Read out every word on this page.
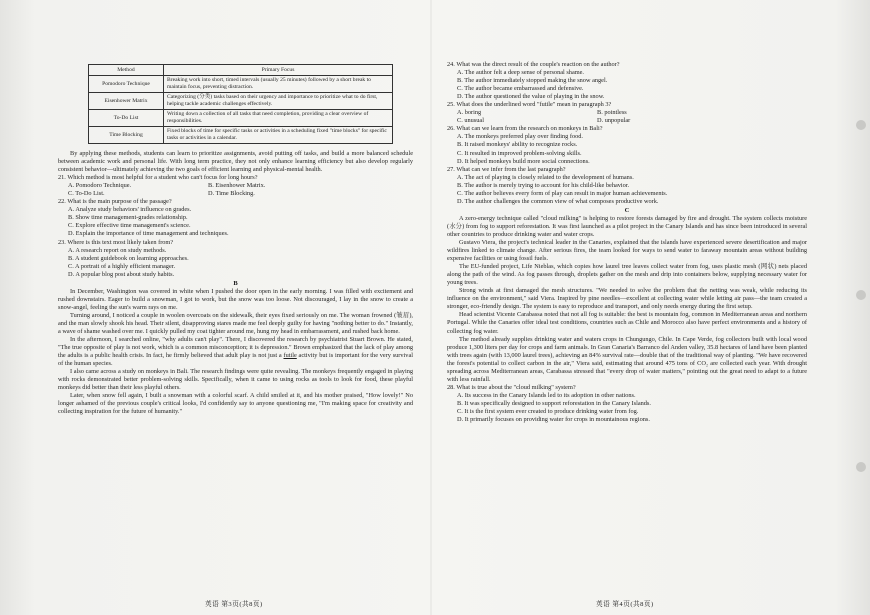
Method	Primary Focus
Pomodoro Technique	Breaking work into short, timed intervals (usually 25 minutes) followed by a short break to maintain focus, preventing distraction.
Eisenhower Matrix	Categorizing (分类) tasks based on their urgency and importance to prioritize what to do first, helping tackle academic challenges effectively.
To-Do List	Writing down a collection of all tasks that need completion, providing a clear overview of responsibilities.
Time Blocking	Fixed blocks of time for specific tasks or activities in a scheduling fixed "time blocks" for specific tasks or activities in a calendar.

By applying these methods, students can learn to prioritize assignments, avoid putting off tasks, and build a more balanced schedule between academic work and personal life. With long term practice, they not only enhance learning efficiency but also develop regularly consistent behavior—ultimately achieving the two goals of efficient learning and physical-mental health.

21. Which method is most helpful for a student who can't focus for long hours?

A. Pomodoro Technique.	B. Eisenhower Matrix.
C. To-Do List.	D. Time Blocking.

22. What is the main purpose of the passage?

A. Analyze study behaviors' influence on grades.

B. Show time management-grades relationship.

C. Explore effective time management's science.

D. Explain the importance of time management and techniques.

23. Where is this text most likely taken from?

A. A research report on study methods.

B. A student guidebook on learning approaches.

C. A portrait of a highly efficient manager.

D. A popular blog post about study habits.

B

In December, Washington was covered in white when I pushed the door open in the early morning. I was filled with excitement and rushed downstairs. Eager to build a snowman, I got to work, but the snow was too loose. Not discouraged, I lay in the snow to create a snow-angel, feeling the sun's warm rays on me.

Turning around, I noticed a couple in woolen overcoats on the sidewalk, their eyes fixed seriously on me. The woman frowned (皱眉), and the man slowly shook his head. Their silent, disapproving stares made me feel deeply guilty for having "nothing better to do." Instantly, a wave of shame washed over me. I quickly pulled my coat tighter around me, hung my head in embarrassment, and rushed back home.

In the afternoon, I searched online, "why adults can't play". There, I discovered the research by psychiatrist Stuart Brown. He stated, "The true opposite of play is not work, which is a common misconception; it is depression." Brown emphasized that the lack of play among the adults is a public health crisis. In fact, he firmly believed that adult play is not just a futile activity but is important for the very survival of the human species.

I also came across a study on monkeys in Bali. The research findings were quite revealing. The monkeys frequently engaged in playing with rocks demonstrated better problem-solving skills. Specifically, when it came to using rocks as tools to look for food, these playful monkeys did better than their less playful others.

Later, when snow fell again, I built a snowman with a colorful scarf. A child smiled at it, and his mother praised, "How lovely!" No longer ashamed of the previous couple's critical looks, I'd confidently say to anyone questioning me, "I'm making space for creativity and collecting inspiration for the future of humanity."

英语 第3页(共8页)

24. What was the direct result of the couple's reaction on the author?

A. The author felt a deep sense of personal shame.

B. The author immediately stopped making the snow angel.

C. The author became embarrassed and defensive.

D. The author questioned the value of playing in the snow.

25. What does the underlined word "futile" mean in paragraph 3?

A. boring	B. pointless
C. unusual	D. unpopular

26. What can we learn from the research on monkeys in Bali?

A. The monkeys preferred play over finding food.

B. It raised monkeys' ability to recognize rocks.

C. It resulted in improved problem-solving skills.

D. It helped monkeys build more social connections.

27. What can we infer from the last paragraph?

A. The act of playing is closely related to the development of humans.

B. The author is merely trying to account for his child-like behavior.

C. The author believes every form of play can result in major human achievements.

D. The author challenges the common view of what composes productive work.

C

A zero-energy technique called "cloud milking" is helping to restore forests damaged by fire and drought. The system collects moisture (水分) from fog to support reforestation. It was first launched as a pilot project in the Canary Islands and has since been introduced in several other countries to produce drinking water and water crops.

Gustavo Viera, the project's technical leader in the Canaries, explained that the islands have experienced severe desertification and major wildfires linked to climate change. After serious fires, the team looked for ways to send water to faraway mountain areas without building expensive facilities or using fossil fuels.

The EU-funded project, Life Nieblas, which copies how laurel tree leaves collect water from fog, uses plastic mesh (网状) nets placed along the path of the wind. As fog passes through, droplets gather on the mesh and drip into containers below, supplying necessary water for young trees.

Strong winds at first damaged the mesh structures. "We needed to solve the problem that the netting was weak, while reducing its influence on the environment," said Viera. Inspired by pine needles—excellent at collecting water while letting air pass—the team created a stronger, eco-friendly design. The system is easy to reproduce and transport, and only needs energy during the first setup.

Head scientist Vicente Carabassa noted that not all fog is suitable: the best is mountain fog, common in Mediterranean areas and northern Portugal. While the Canaries offer ideal test conditions, countries such as Chile and Morocco also have perfect environments and a history of collecting fog water.

The method already supplies drinking water and waters crops in Chungungo, Chile. In Cape Verde, fog collectors built with local wood produce 1,300 liters per day for crops and farm animals. In Gran Canaria's Barranco del Anden valley, 35.8 hectares of land have been planted with trees again (with 13,000 laurel trees), achieving an 84% survival rate—double that of the traditional way of planting. "We have recovered the forest's potential to collect carbon in the air," Viera said, estimating that around 475 tons of CO₂ are collected each year. With drought spreading across Mediterranean areas, Carabassa stressed that "every drop of water matters," pointing out the great need to adapt to a future with less rainfall.

28. What is true about the "cloud milking" system?

A. Its success in the Canary Islands led to its adoption in other nations.

B. It was specifically designed to support reforestation in the Canary Islands.

C. It is the first system ever created to produce drinking water from fog.

D. It primarily focuses on providing water for crops in mountainous regions.

英语 第4页(共8页)
